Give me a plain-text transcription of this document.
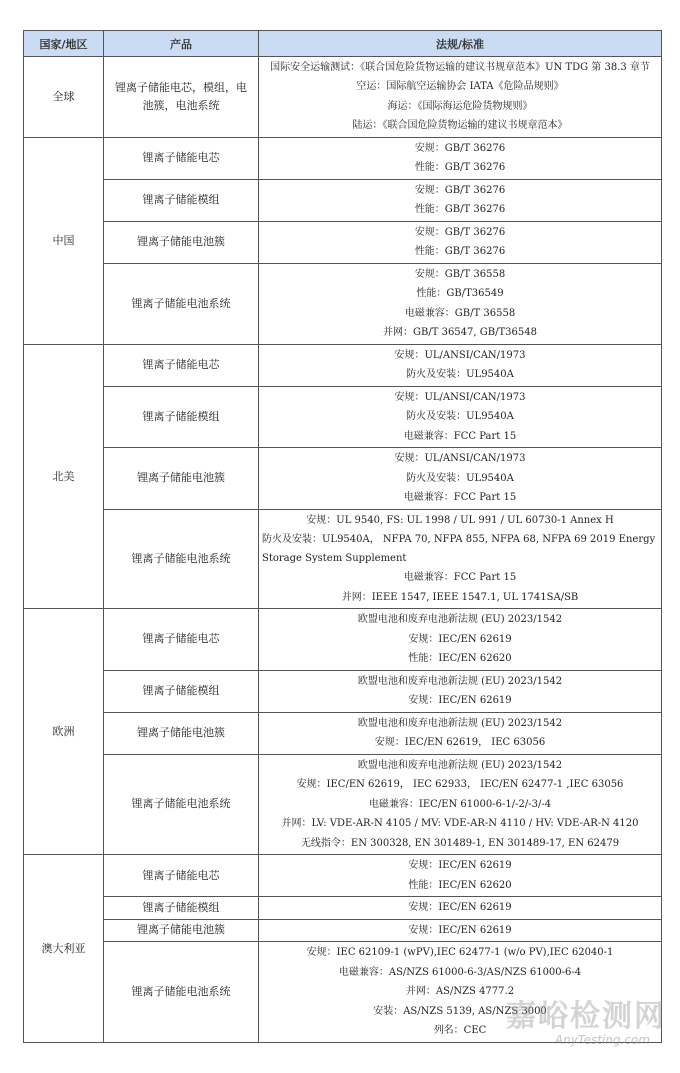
国家/地区	产品	法规/标准
全球	锂离子储能电芯，模组，电池簇，电池系统	国际安全运输测试：《联合国危险货物运输的建议书规章范本》UN TDG 第 38.3 章节
空运：国际航空运输协会 IATA《危险品规则》
海运：《国际海运危险货物规则》
陆运：《联合国危险货物运输的建议书规章范本》

中国	锂离子储能电芯	安规：GB/T 36276
性能：GB/T 36276

	锂离子储能模组	安规：GB/T 36276
性能：GB/T 36276

	锂离子储能电池簇	安规：GB/T 36276
性能：GB/T 36276

	锂离子储能电池系统	安规：GB/T 36558
性能：GB/T36549
电磁兼容：GB/T 36558
并网：GB/T 36547, GB/T36548

北美	锂离子储能电芯	安规：UL/ANSI/CAN/1973
防火及安装：UL9540A

	锂离子储能模组	安规：UL/ANSI/CAN/1973
防火及安装：UL9540A
电磁兼容：FCC Part 15

	锂离子储能电池簇	安规：UL/ANSI/CAN/1973
防火及安装：UL9540A
电磁兼容：FCC Part 15

	锂离子储能电池系统	安规：UL 9540, FS: UL 1998 / UL 991 / UL 60730-1 Annex H
防火及安装：UL9540A， NFPA 70, NFPA 855, NFPA 68, NFPA 69 2019 Energy Storage System Supplement
电磁兼容：FCC Part 15
并网：IEEE 1547, IEEE 1547.1, UL 1741SA/SB

欧洲	锂离子储能电芯	欧盟电池和废弃电池新法规 (EU) 2023/1542
安规：IEC/EN 62619
性能：IEC/EN 62620

	锂离子储能模组	欧盟电池和废弃电池新法规 (EU) 2023/1542
安规：IEC/EN 62619

	锂离子储能电池簇	欧盟电池和废弃电池新法规 (EU) 2023/1542
安规：IEC/EN 62619， IEC 63056

	锂离子储能电池系统	欧盟电池和废弃电池新法规 (EU) 2023/1542
安规：IEC/EN 62619， IEC 62933， IEC/EN 62477-1 ,IEC 63056
电磁兼容：IEC/EN 61000-6-1/-2/-3/-4
并网：LV: VDE-AR-N 4105 / MV: VDE-AR-N 4110 / HV: VDE-AR-N 4120
无线指令：EN 300328, EN 301489-1, EN 301489-17, EN 62479

澳大利亚	锂离子储能电芯	安规：IEC/EN 62619
性能：IEC/EN 62620

	锂离子储能模组	安规：IEC/EN 62619

	锂离子储能电池簇	安规：IEC/EN 62619

	锂离子储能电池系统	安规：IEC 62109-1 (wPV),IEC 62477-1 (w/o PV),IEC 62040-1
电磁兼容：AS/NZS 61000-6-3/AS/NZS 61000-6-4
并网：AS/NZS 4777.2
安装：AS/NZS 5139, AS/NZS 3000
列名：CEC 嘉峪检测网
AnyTesting.com
